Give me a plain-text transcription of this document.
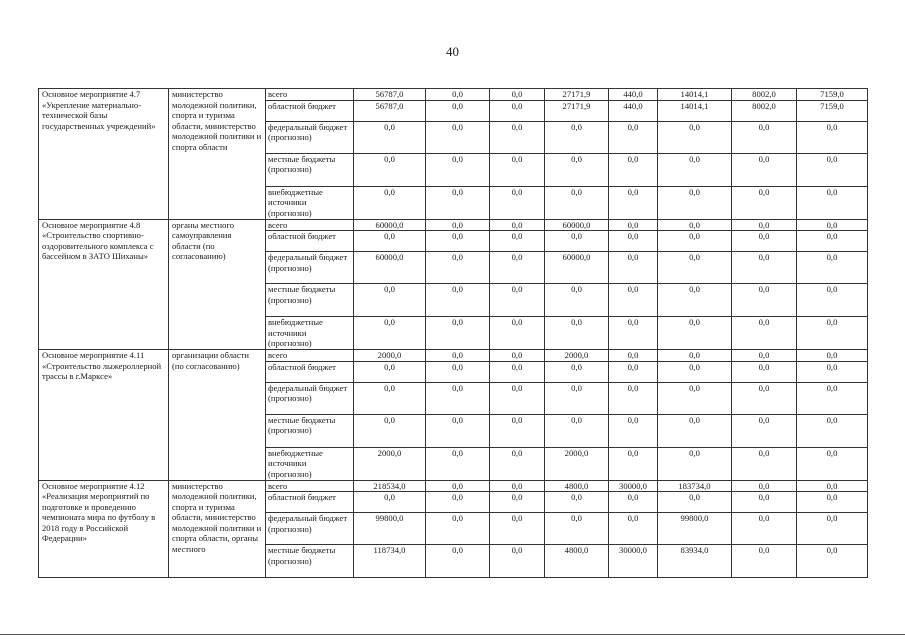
40
Основное мероприятие 4.7 «Укрепление материально-технической базы государственных учреждений»	министерство молодежной политики, спорта и туризма области, министерство молодежной политики и спорта области	всего	56787,0	0,0	0,0	27171,9	440,0	14014,1	8002,0	7159,0
		областной бюджет	56787,0	0,0	0,0	27171,9	440,0	14014,1	8002,0	7159,0
		федеральный бюджет (прогнозно)	0,0	0,0	0,0	0,0	0,0	0,0	0,0	0,0
		местные бюджеты (прогнозно)	0,0	0,0	0,0	0,0	0,0	0,0	0,0	0,0
		внебюджетные источники (прогнозно)	0,0	0,0	0,0	0,0	0,0	0,0	0,0	0,0
Основное мероприятие 4.8 «Строительство спортивно-оздоровительного комплекса с бассейном в ЗАТО Шиханы»	органы местного самоуправления области (по согласованию)	всего	60000,0	0,0	0,0	60000,0	0,0	0,0	0,0	0,0
		областной бюджет	0,0	0,0	0,0	0,0	0,0	0,0	0,0	0,0
		федеральный бюджет (прогнозно)	60000,0	0,0	0,0	60000,0	0,0	0,0	0,0	0,0
		местные бюджеты (прогнозно)	0,0	0,0	0,0	0,0	0,0	0,0	0,0	0,0
		внебюджетные источники (прогнозно)	0,0	0,0	0,0	0,0	0,0	0,0	0,0	0,0
Основное мероприятие 4.11 «Строительство лыжероллерной трассы в г.Марксе»	организации области (по согласованию)	всего	2000,0	0,0	0,0	2000,0	0,0	0,0	0,0	0,0
		областной бюджет	0,0	0,0	0,0	0,0	0,0	0,0	0,0	0,0
		федеральный бюджет (прогнозно)	0,0	0,0	0,0	0,0	0,0	0,0	0,0	0,0
		местные бюджеты (прогнозно)	0,0	0,0	0,0	0,0	0,0	0,0	0,0	0,0
		внебюджетные источники (прогнозно)	2000,0	0,0	0,0	2000,0	0,0	0,0	0,0	0,0
Основное мероприятие 4.12 «Реализация мероприятий по подготовке и проведению чемпионата мира по футболу в 2018 году в Российской Федерации»	министерство молодежной политики, спорта и туризма области, министерство молодежной политики и спорта области, органы местного	всего	218534,0	0,0	0,0	4800,0	30000,0	183734,0	0,0	0,0
		областной бюджет	0,0	0,0	0,0	0,0	0,0	0,0	0,0	0,0
		федеральный бюджет (прогнозно)	99800,0	0,0	0,0	0,0	0,0	99800,0	0,0	0,0
		местные бюджеты (прогнозно)	118734,0	0,0	0,0	4800,0	30000,0	83934,0	0,0	0,0
